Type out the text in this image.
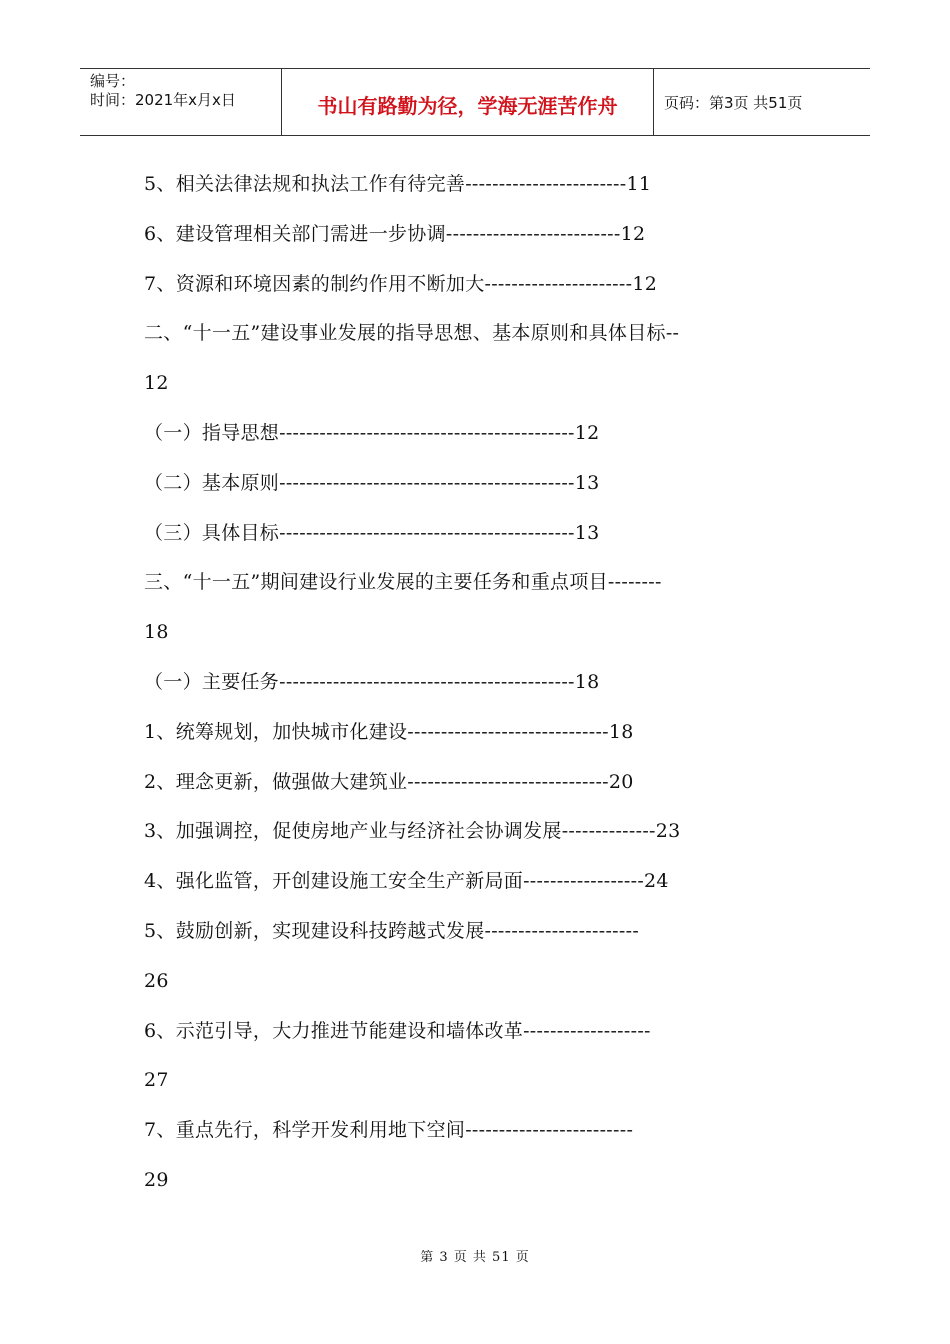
编号：
时间：2021年x月x日	书山有路勤为径，学海无涯苦作舟	页码：第3页 共51页
5、相关法律法规和执法工作有待完善------------------------11
6、建设管理相关部门需进一步协调--------------------------12
7、资源和环境因素的制约作用不断加大----------------------12
二、“十一五”建设事业发展的指导思想、基本原则和具体目标--
12
（一）指导思想--------------------------------------------12
（二）基本原则--------------------------------------------13
（三）具体目标--------------------------------------------13
三、“十一五”期间建设行业发展的主要任务和重点项目--------
18
（一）主要任务--------------------------------------------18
1、统筹规划，加快城市化建设------------------------------18
2、理念更新，做强做大建筑业------------------------------20
3、加强调控，促使房地产业与经济社会协调发展--------------23
4、强化监管，开创建设施工安全生产新局面------------------24
5、鼓励创新，实现建设科技跨越式发展-----------------------
26
6、示范引导，大力推进节能建设和墙体改革-------------------
27
7、重点先行，科学开发利用地下空间-------------------------
29
第 3 页 共 51 页
